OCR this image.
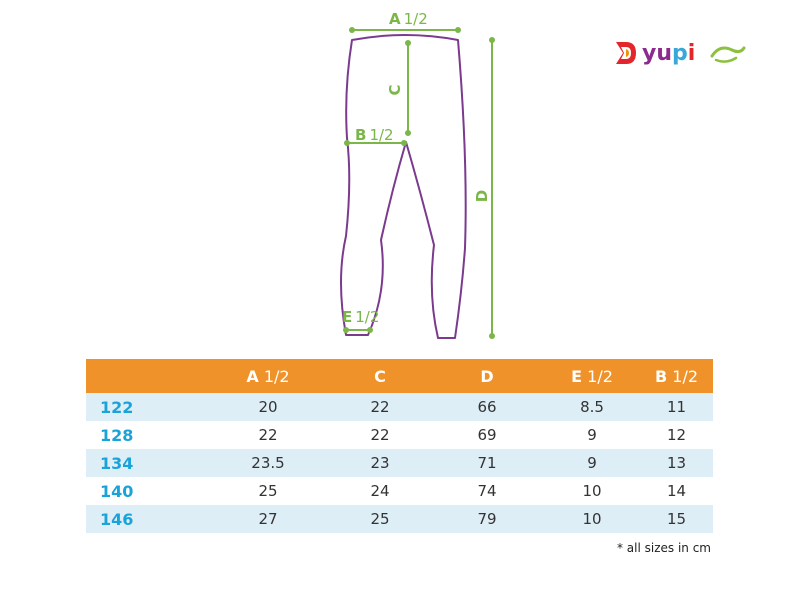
A 1/2
C
B 1/2
D
E 1/2
yupi
	A 1/2	C	D	E 1/2	B 1/2
122	20	22	66	8.5	11
128	22	22	69	9	12
134	23.5	23	71	9	13
140	25	24	74	10	14
146	27	25	79	10	15
* all sizes in cm
